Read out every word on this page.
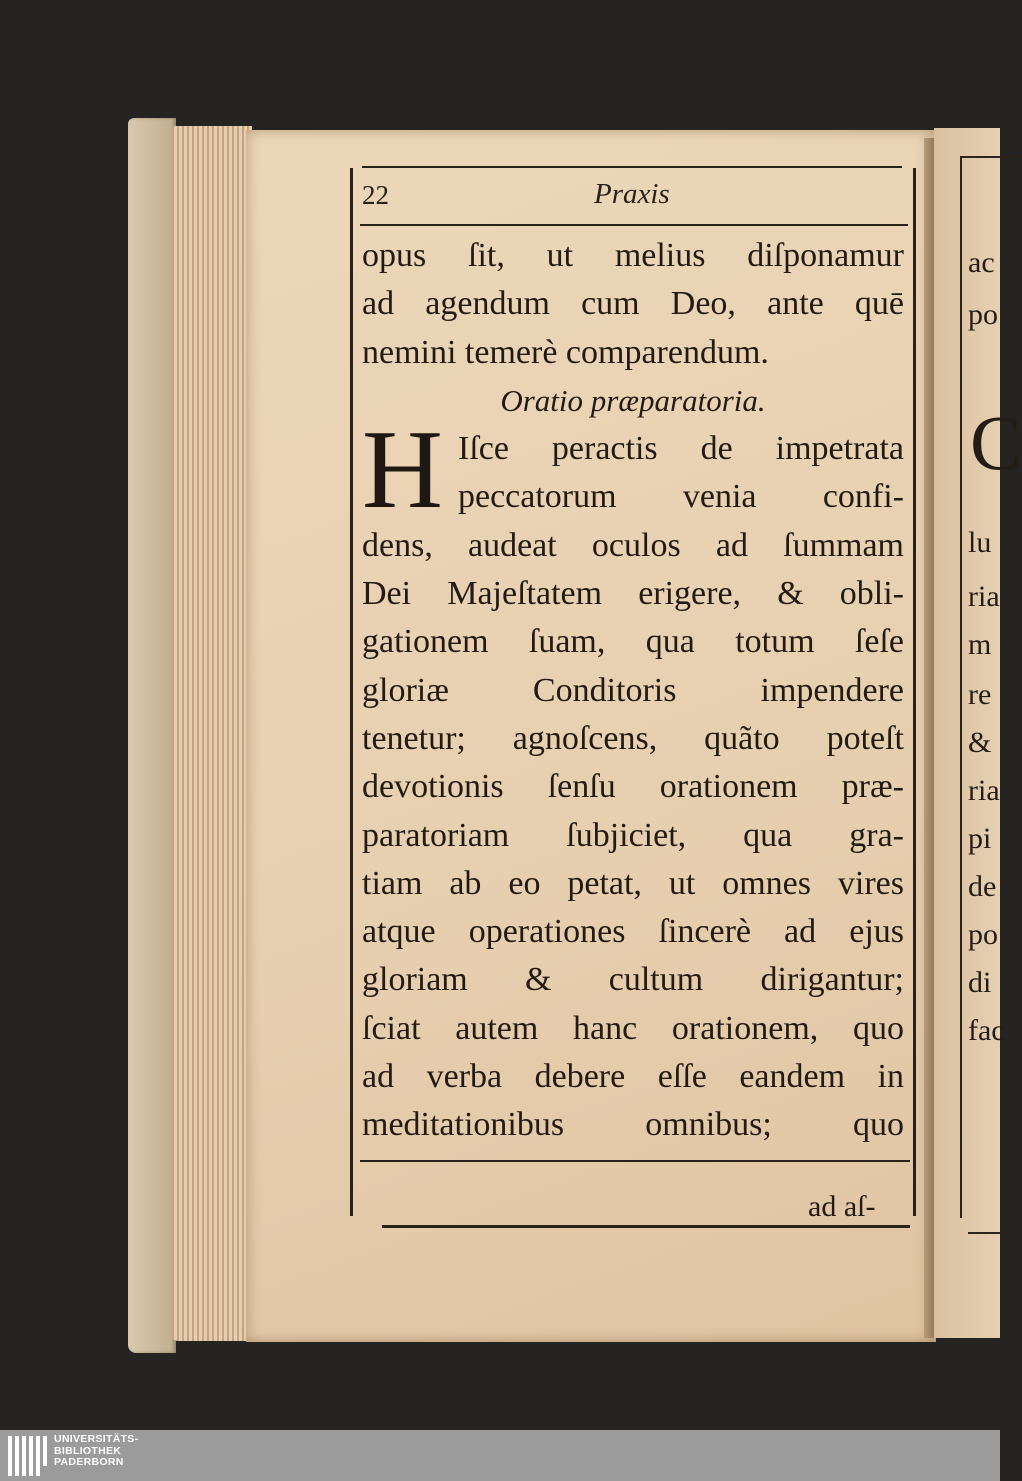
C
ac
po
lu
ria
m
re
&
ria
pi
de
po
di
fac
22	Praxis
opus ſit, ut melius diſponamur
ad agendum cum Deo, ante quē
nemini temerè comparendum.
Oratio præparatoria.
Iſce peractis de impetrata
peccatorum venia confi-
dens, audeat oculos ad ſummam
Dei Majeſtatem erigere, & obli-
gationem ſuam, qua totum ſeſe
gloriæ Conditoris impendere
tenetur; agnoſcens, quãto poteſt
devotionis ſenſu orationem præ-
paratoriam ſubjiciet, qua gra-
tiam ab eo petat, ut omnes vires
atque operationes ſincerè ad ejus
gloriam & cultum dirigantur;
ſciat autem hanc orationem, quo
ad verba debere eſſe eandem in
meditationibus omnibus; quo
H
ad aſ-
UNIVERSITÄTS-
BIBLIOTHEK
PADERBORN
